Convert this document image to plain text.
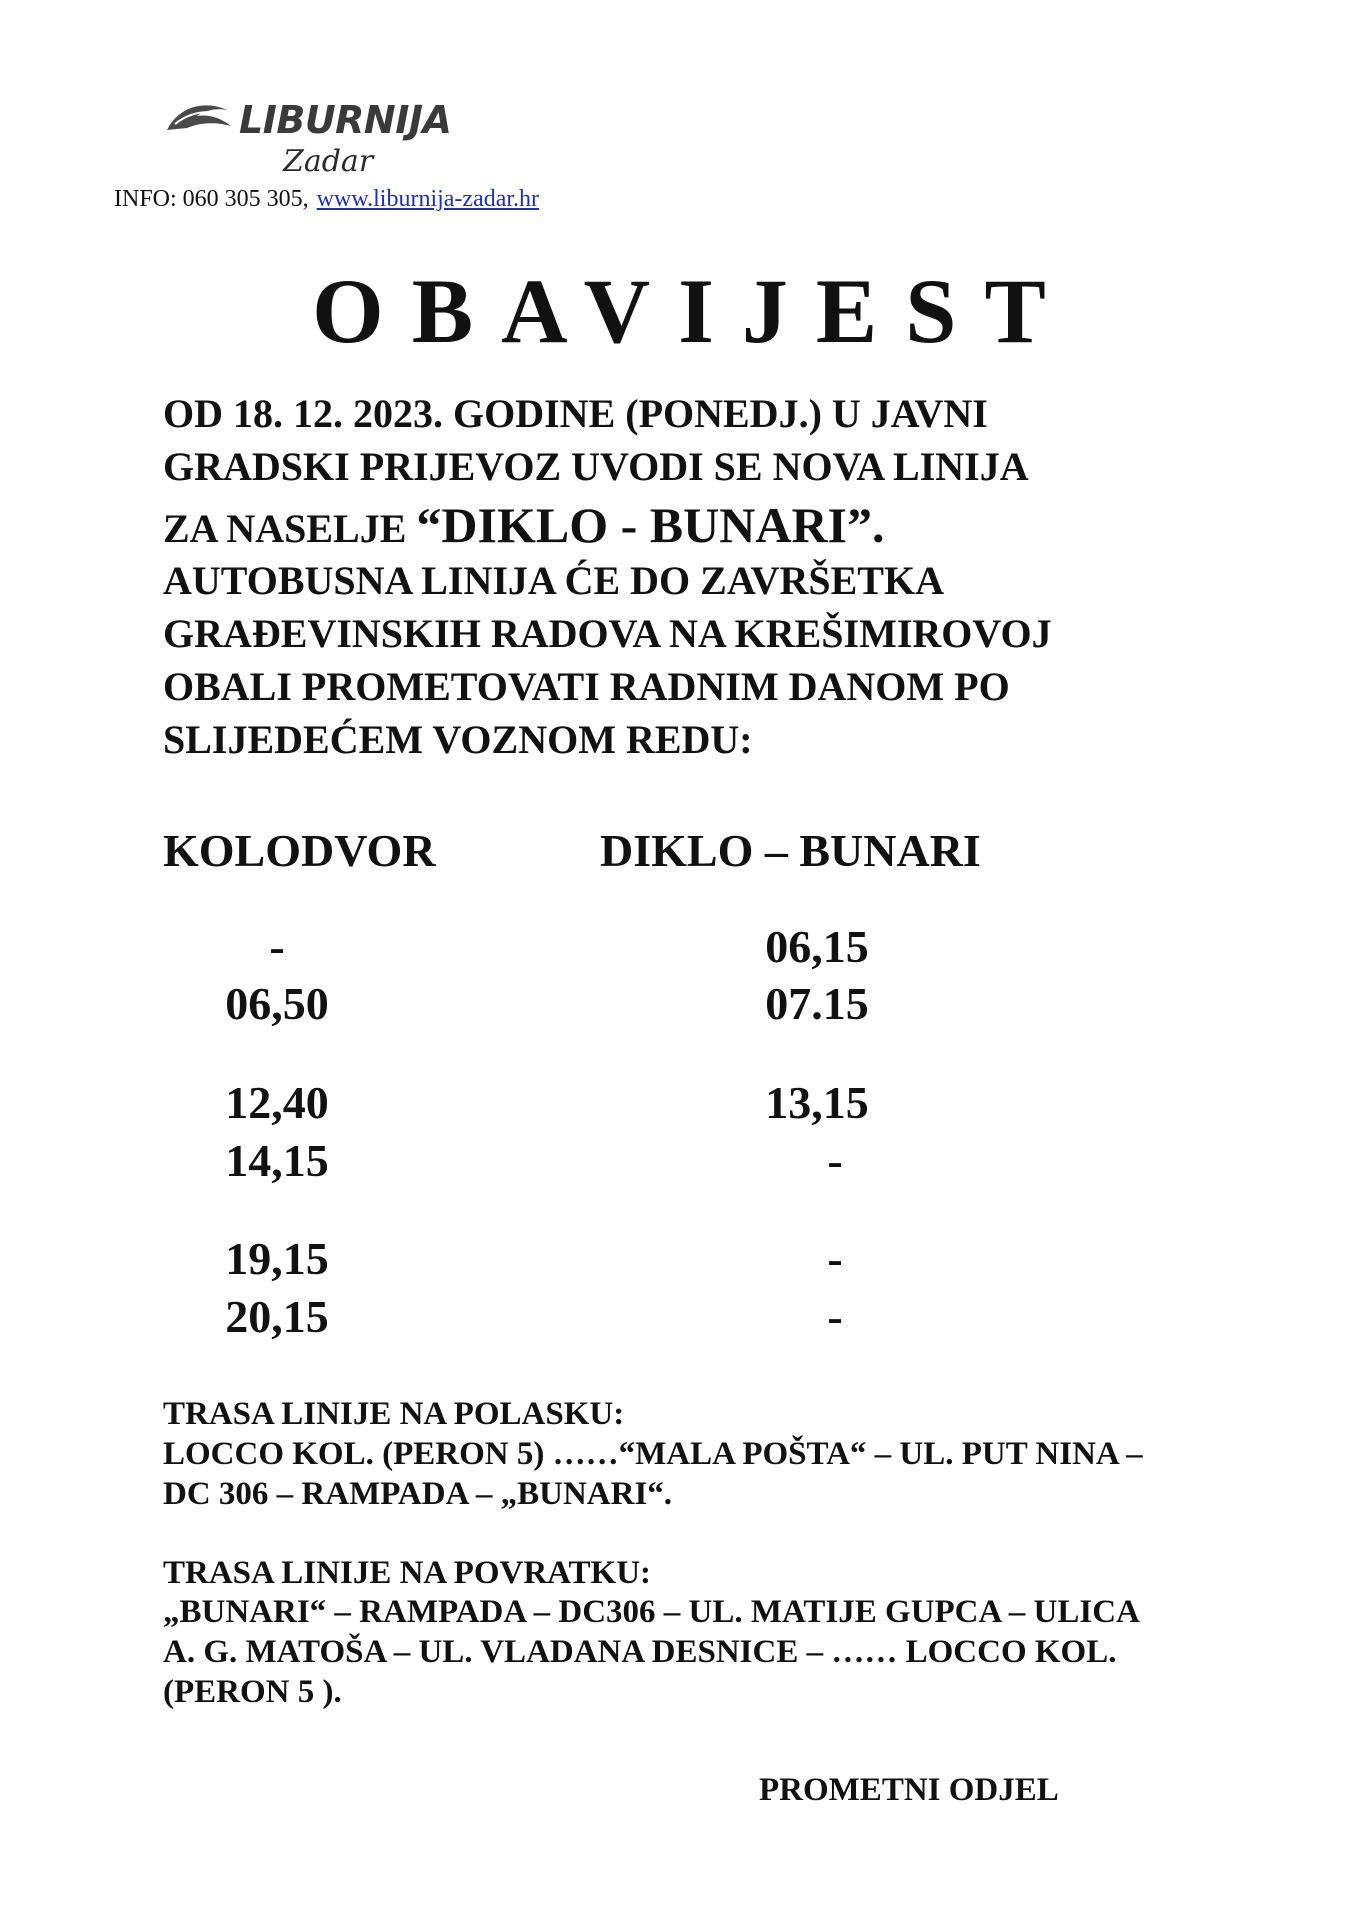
LIBURNIJA
Zadar
INFO: 060 305 305, www.liburnija-zadar.hr
OBAVIJEST
OD 18. 12. 2023. GODINE (PONEDJ.) U JAVNI
GRADSKI PRIJEVOZ UVODI SE NOVA LINIJA
ZA NASELJE “DIKLO - BUNARI”.
AUTOBUSNA LINIJA ĆE DO ZAVRŠETKA
GRAĐEVINSKIH RADOVA NA KREŠIMIROVOJ
OBALI PROMETOVATI RADNIM DANOM PO
SLIJEDEĆEM VOZNOM REDU:
KOLODVOR	DIKLO – BUNARI
-	06,15
06,50	07.15
12,40	13,15
14,15	-
19,15	-
20,15	-
TRASA LINIJE NA POLASKU:
LOCCO KOL. (PERON 5) ……“MALA POŠTA“ – UL. PUT NINA –
DC 306 – RAMPADA – „BUNARI“.
TRASA LINIJE NA POVRATKU:
„BUNARI“ – RAMPADA – DC306 – UL. MATIJE GUPCA – ULICA
A. G. MATOŠA – UL. VLADANA DESNICE – …… LOCCO KOL.
(PERON 5 ).
PROMETNI ODJEL
